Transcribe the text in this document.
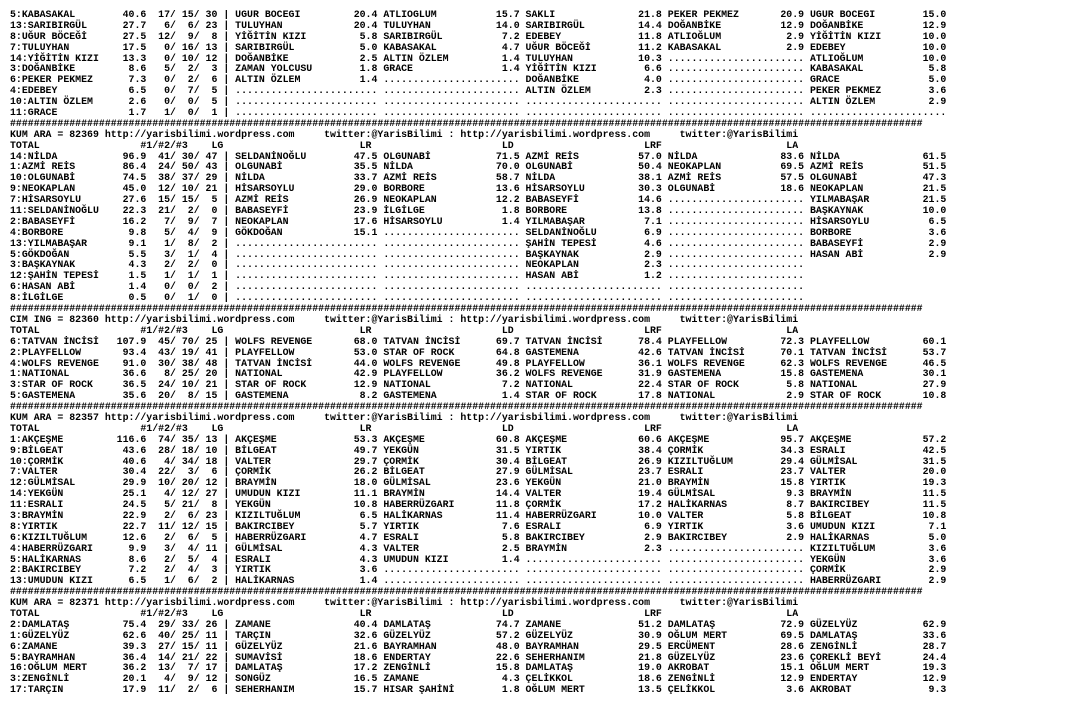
5:KABASAKAL        40.6  17/ 15/ 30 | UĞUR BÖCEĞİ         20.4 ATLIOĞLUM          15.7 SAKLI              21.8 PEKER PEKMEZ       20.9 UĞUR BÖCEĞİ        15.0
13:SARIBIRGÜL      27.7   6/  6/ 23 | TULUYHAN            20.4 TULUYHAN           14.0 SARIBIRGÜL         14.4 DOĞANBİKE          12.9 DOĞANBİKE          12.9
8:UĞUR BÖCEĞİ      27.5  12/  9/  8 | YİĞİTİN KIZI         5.8 SARIBIRGÜL          7.2 EDEBEY             11.8 ATLIOĞLUM           2.9 YİĞİTİN KIZI       10.0
7:TULUYHAN         17.5   0/ 16/ 13 | SARIBIRGÜL           5.0 KABASAKAL           4.7 UĞUR BÖCEĞİ        11.2 KABASAKAL           2.9 EDEBEY             10.0
14:YİĞİTİN KIZI    13.3   0/ 10/ 12 | DOĞANBİKE            2.5 ALTIN ÖZLEM         1.4 TULUYHAN           10.3 ....................... ATLIOĞLUM          10.0
3:DOĞANBİKE         8.6   5/  2/  3 | ZAMAN YOLCUSU        1.8 GRACE               1.4 YİĞİTİN KIZI        6.6 ....................... KABASAKAL           5.8
6:PEKER PEKMEZ      7.3   0/  2/  6 | ALTIN ÖZLEM          1.4 ....................... DOĞANBİKE           4.0 ....................... GRACE               5.0
4:EDEBEY            6.5   0/  7/  5 | ........................ ....................... ALTIN ÖZLEM         2.3 ....................... PEKER PEKMEZ        3.6
10:ALTIN ÖZLEM      2.6   0/  0/  5 | ........................ ....................... ....................... ....................... ALTIN ÖZLEM         2.9
11:GRACE            1.7   1/  0/  1 | ........................ ....................... ....................... ....................... .......................
##########################################################################################################################################################
KUM ARA = 82369 http://yarisbilimi.wordpress.com     twitter:@YarisBilimi : http://yarisbilimi.wordpress.com     twitter:@YarisBilimi
TOTAL                 #1/#2/#3    LG                       LR                      LD                      LRF                     LA
14:NİLDA           96.9  41/ 30/ 47 | SELDANİNOĞLU        47.5 OLGUNABİ           71.5 AZMİ REİS          57.0 NİLDA              83.6 NİLDA              61.5
1:AZMİ REİS        86.4  24/ 50/ 43 | OLGUNABİ            35.5 NİLDA              70.0 OLGUNABİ           50.4 NEOKAPLAN          69.5 AZMİ REİS          51.5
10:OLGUNABİ        74.5  38/ 37/ 29 | NİLDA               33.7 AZMİ REİS          58.7 NİLDA              38.1 AZMİ REİS          57.5 OLGUNABİ           47.3
9:NEOKAPLAN        45.0  12/ 10/ 21 | HİSARSOYLU          29.0 BORBORE            13.6 HİSARSOYLU         30.3 OLGUNABİ           18.6 NEOKAPLAN          21.5
7:HİSARSOYLU       27.6  15/ 15/  5 | AZMİ REİS           26.9 NEOKAPLAN          12.2 BABASEYFİ          14.6 ....................... YILMABAŞAR         21.5
11:SELDANİNOĞLU    22.3  21/  2/  0 | BABASEYFİ           23.9 İLGİLGE             1.8 BORBORE            13.8 ....................... BAŞKAYNAK          10.0
2:BABASEYFİ        16.2   7/  9/  7 | NEOKAPLAN           17.6 HİSARSOYLU          1.4 YILMABAŞAR          7.1 ....................... HİSARSOYLU          6.5
4:BORBORE           9.8   5/  4/  9 | GÖKDOĞAN            15.1 ....................... SELDANİNOĞLU        6.9 ....................... BORBORE             3.6
13:YILMABAŞAR       9.1   1/  8/  2 | ........................ ....................... ŞAHİN TEPESİ        4.6 ....................... BABASEYFİ           2.9
5:GÖKDOĞAN          5.5   3/  1/  4 | ........................ ....................... BAŞKAYNAK           2.9 ....................... HASAN ABİ           2.9
3:BAŞKAYNAK         4.3   2/  2/  0 | ........................ ....................... NEOKAPLAN           2.3 .......................
12:ŞAHİN TEPESİ     1.5   1/  1/  1 | ........................ ....................... HASAN ABİ           1.2 .......................
6:HASAN ABİ         1.4   0/  0/  2 | ........................ ....................... ....................... .......................
8:İLGİLGE           0.5   0/  1/  0 | ........................ ....................... ....................... .......................
##########################################################################################################################################################
CIM ING = 82360 http://yarisbilimi.wordpress.com     twitter:@YarisBilimi : http://yarisbilimi.wordpress.com     twitter:@YarisBilimi
TOTAL                 #1/#2/#3    LG                       LR                      LD                      LRF                     LA
6:TATVAN İNCİSİ   107.9  45/ 70/ 25 | WOLFS REVENGE       68.0 TATVAN İNCİSİ      69.7 TATVAN İNCİSİ      78.4 PLAYFELLOW         72.3 PLAYFELLOW         60.1
2:PLAYFELLOW       93.4  43/ 19/ 41 | PLAYFELLOW          53.0 STAR OF ROCK       64.8 GASTEMENA          42.6 TATVAN İNCİSİ      70.1 TATVAN İNCİSİ      53.7
4:WOLFS REVENGE    91.0  30/ 38/ 48 | TATVAN İNCİSİ       44.0 WOLFS REVENGE      49.8 PLAYFELLOW         36.1 WOLFS REVENGE      62.3 WOLFS REVENGE      46.5
1:NATIONAL         36.6   8/ 25/ 20 | NATIONAL            42.9 PLAYFELLOW         36.2 WOLFS REVENGE      31.9 GASTEMENA          15.8 GASTEMENA          30.1
3:STAR OF ROCK     36.5  24/ 10/ 21 | STAR OF ROCK        12.9 NATIONAL            7.2 NATIONAL           22.4 STAR OF ROCK        5.8 NATIONAL           27.9
5:GASTEMENA        35.6  20/  8/ 15 | GASTEMENA            8.2 GASTEMENA           1.4 STAR OF ROCK       17.8 NATIONAL            2.9 STAR OF ROCK       10.8
##########################################################################################################################################################
KUM ARA = 82357 http://yarisbilimi.wordpress.com     twitter:@YarisBilimi : http://yarisbilimi.wordpress.com     twitter:@YarisBilimi
TOTAL                 #1/#2/#3    LG                       LR                      LD                      LRF                     LA
1:AKÇEŞME         116.6  74/ 35/ 13 | AKÇEŞME             53.3 AKÇEŞME            60.8 AKÇEŞME            60.6 AKÇEŞME            95.7 AKÇEŞME            57.2
9:BİLGEAT          43.6  28/ 18/ 10 | BİLGEAT             49.7 YEKGÜN             31.5 YIRTIK             38.4 ÇORMİK             34.3 ESRALI             42.5
10:ÇORMİK          40.6   4/ 34/ 18 | VALTER              29.7 ÇORMİK             30.4 BİLGEAT            26.9 KIZILTUĞLUM        29.4 GÜLMİSAL           31.5
7:VALTER           30.4  22/  3/  6 | ÇORMİK              26.2 BİLGEAT            27.9 GÜLMİSAL           23.7 ESRALI             23.7 VALTER             20.0
12:GÜLMİSAL        29.9  10/ 20/ 12 | BRAYMİN             18.0 GÜLMİSAL           23.6 YEKGÜN             21.0 BRAYMİN            15.8 YIRTIK             19.3
14:YEKGÜN          25.1   4/ 12/ 27 | UMUDUN KIZI         11.1 BRAYMİN            14.4 VALTER             19.4 GÜLMİSAL            9.3 BRAYMİN            11.5
11:ESRALI          24.5   5/ 21/  8 | YEKGÜN              10.8 HABERRÜZGARI       11.8 ÇORMİK             17.2 HALİKARNAS          8.7 BAKIRCIBEY         11.5
3:BRAYMİN          22.9   2/  6/ 23 | KIZILTUĞLUM          6.5 HALİKARNAS         11.4 HABERRÜZGARI       10.0 VALTER              5.8 BİLGEAT            10.8
8:YIRTIK           22.7  11/ 12/ 15 | BAKIRCIBEY           5.7 YIRTIK              7.6 ESRALI              6.9 YIRTIK              3.6 UMUDUN KIZI         7.1
6:KIZILTUĞLUM      12.6   2/  6/  5 | HABERRÜZGARI         4.7 ESRALI              5.8 BAKIRCIBEY          2.9 BAKIRCIBEY          2.9 HALİKARNAS          5.0
4:HABERRÜZGARI      9.9   3/  4/ 11 | GÜLMİSAL             4.3 VALTER              2.5 BRAYMİN             2.3 ....................... KIZILTUĞLUM         3.6
5:HALİKARNAS        8.6   2/  5/  4 | ESRALI               4.3 UMUDUN KIZI         1.4 ....................... ....................... YEKGÜN              3.6
2:BAKIRCIBEY        7.2   2/  4/  3 | YIRTIK               3.6 ....................... ....................... ....................... ÇORMİK              2.9
13:UMUDUN KIZI      6.5   1/  6/  2 | HALİKARNAS           1.4 ....................... ....................... ....................... HABERRÜZGARI        2.9
##########################################################################################################################################################
KUM ARA = 82371 http://yarisbilimi.wordpress.com     twitter:@YarisBilimi : http://yarisbilimi.wordpress.com     twitter:@YarisBilimi
TOTAL                 #1/#2/#3    LG                       LR                      LD                      LRF                     LA
2:DAMLATAŞ         75.4  29/ 33/ 26 | ZAMANE              40.4 DAMLATAŞ           74.7 ZAMANE             51.2 DAMLATAŞ           72.9 GÜZELYÜZ           62.9
1:GÜZELYÜZ         62.6  40/ 25/ 11 | TARÇIN              32.6 GÜZELYÜZ           57.2 GÜZELYÜZ           30.9 OĞLUM MERT         69.5 DAMLATAŞ           33.6
6:ZAMANE           39.3  27/ 15/ 11 | GÜZELYÜZ            21.6 BAYRAMHAN          48.0 BAYRAMHAN          29.5 ERCÜMENT           28.6 ZENGİNLİ           28.7
5:BAYRAMHAN        36.4  14/ 21/ 22 | SUMAVİSİ            18.6 ENDERTAY           22.6 SEHERHANIM         21.8 GÜZELYÜZ           23.6 ÇOREKLİ BEYİ       24.4
16:OĞLUM MERT      36.2  13/  7/ 17 | DAMLATAŞ            17.2 ZENGİNLİ           15.8 DAMLATAŞ           19.0 AKROBAT            15.1 OĞLUM MERT         19.3
3:ZENGİNLİ         20.1   4/  9/ 12 | SONGÜZ              16.5 ZAMANE              4.3 ÇELİKKOL           18.6 ZENGİNLİ           12.9 ENDERTAY           12.9
17:TARÇIN          17.9  11/  2/  6 | SEHERHANIM          15.7 HISAR ŞAHİNİ        1.8 OĞLUM MERT         13.5 ÇELİKKOL            3.6 AKROBAT             9.3
